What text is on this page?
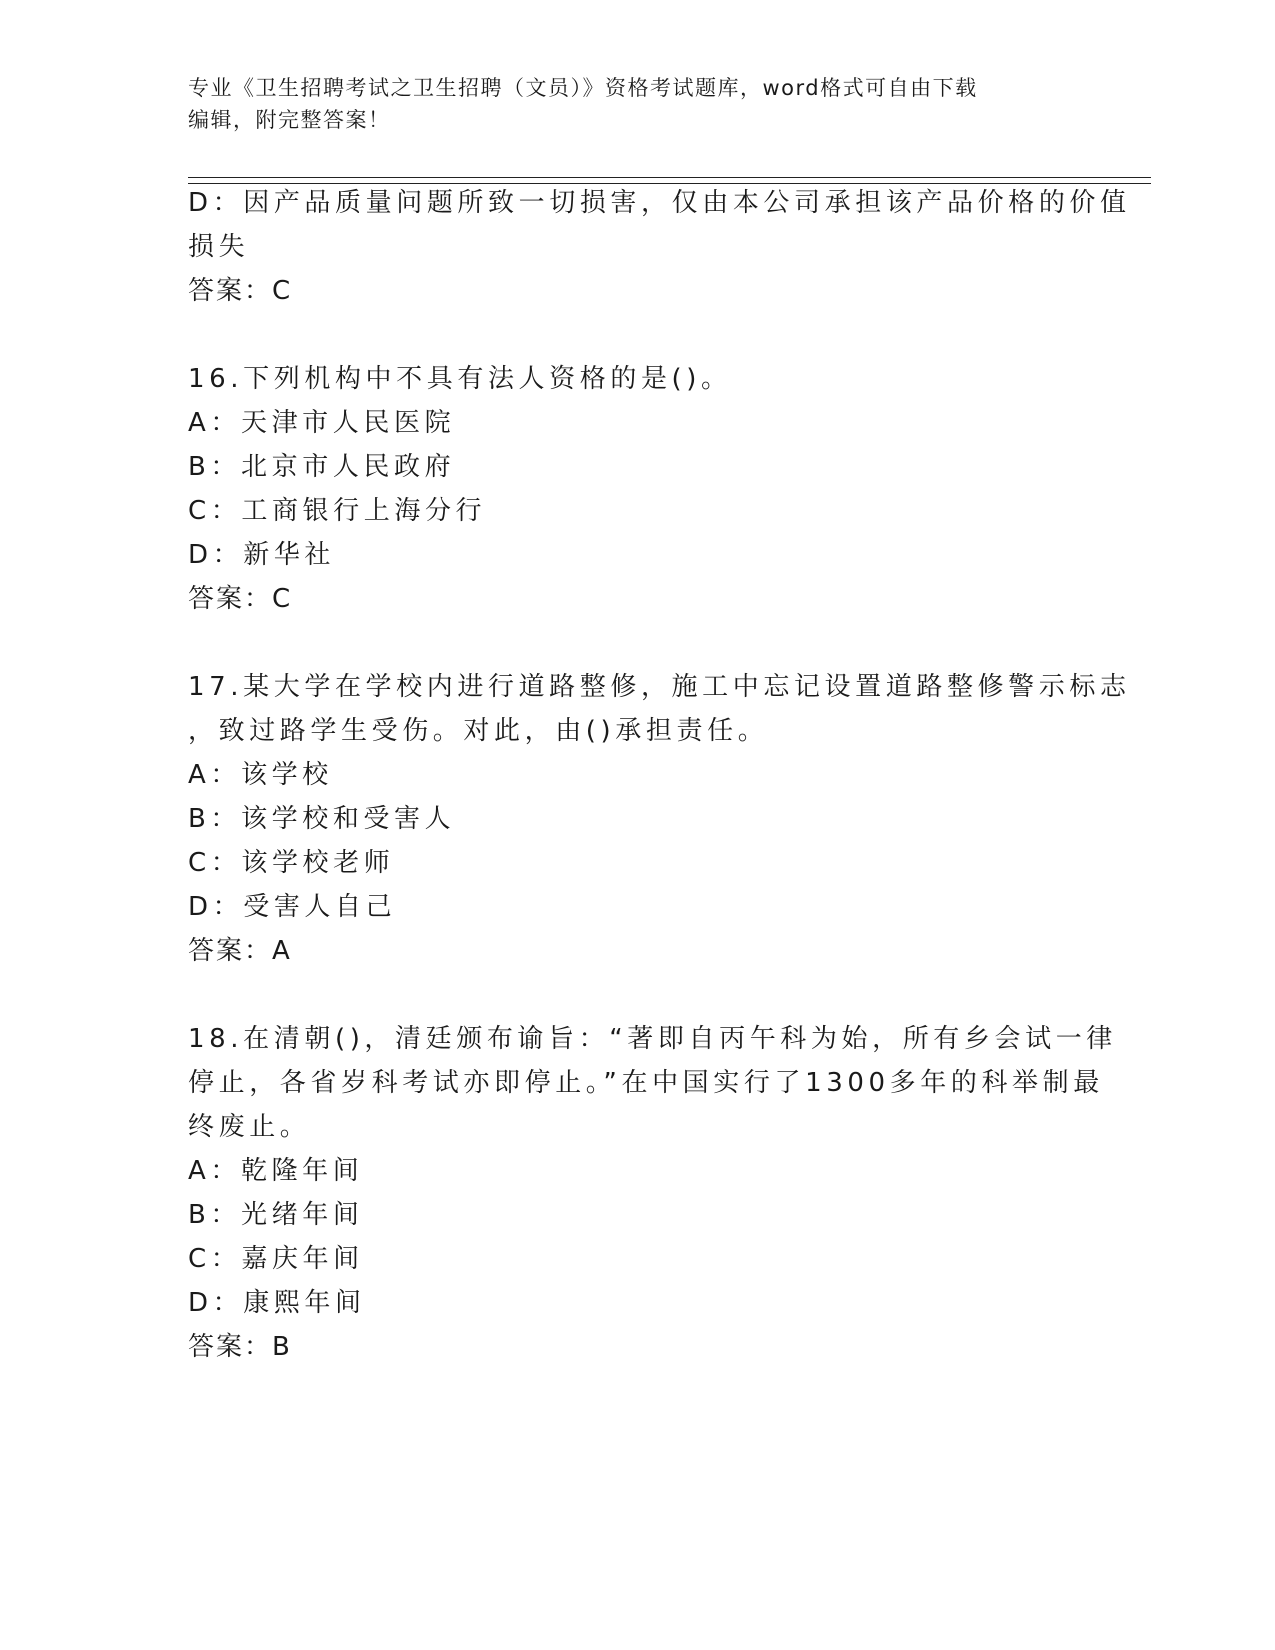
专业《卫生招聘考试之卫生招聘（文员）》资格考试题库，word格式可自由下载
编辑，附完整答案！
D：因产品质量问题所致一切损害，仅由本公司承担该产品价格的价值
损失
答案：C
16.下列机构中不具有法人资格的是()。
A：天津市人民医院
B：北京市人民政府
C：工商银行上海分行
D：新华社
答案：C
17.某大学在学校内进行道路整修，施工中忘记设置道路整修警示标志
，致过路学生受伤。对此，由()承担责任。
A：该学校
B：该学校和受害人
C：该学校老师
D：受害人自己
答案：A
18.在清朝()，清廷颁布谕旨：“著即自丙午科为始，所有乡会试一律
停止，各省岁科考试亦即停止。”在中国实行了1300多年的科举制最
终废止。
A：乾隆年间
B：光绪年间
C：嘉庆年间
D：康熙年间
答案：B
